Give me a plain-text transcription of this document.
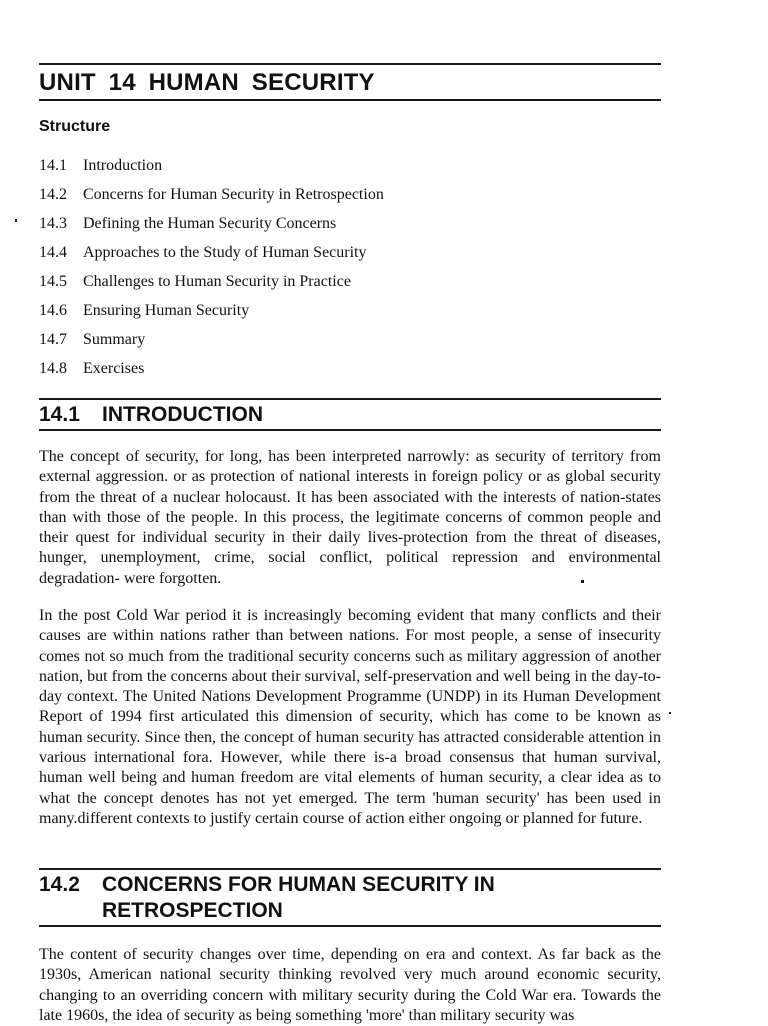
UNIT 14 HUMAN SECURITY
Structure
14.1 Introduction
14.2 Concerns for Human Security in Retrospection
14.3 Defining the Human Security Concerns
14.4 Approaches to the Study of Human Security
14.5 Challenges to Human Security in Practice
14.6 Ensuring Human Security
14.7 Summary
14.8 Exercises
14.1 INTRODUCTION
The concept of security, for long, has been interpreted narrowly: as security of territory from external aggression. or as protection of national interests in foreign policy or as global security from the threat of a nuclear holocaust. It has been associated with the interests of nation-states than with those of the people. In this process, the legitimate concerns of common people and their quest for individual security in their daily lives-protection from the threat of diseases, hunger, unemployment, crime, social conflict, political repression and environmental degradation- were forgotten.
In the post Cold War period it is increasingly becoming evident that many conflicts and their causes are within nations rather than between nations. For most people, a sense of insecurity comes not so much from the traditional security concerns such as military aggression of another nation, but from the concerns about their survival, self-preservation and well being in the day-to-day context. The United Nations Development Programme (UNDP) in its Human Development Report of 1994 first articulated this dimension of security, which has come to be known as human security. Since then, the concept of human security has attracted considerable attention in various international fora. However, while there is-a broad consensus that human survival, human well being and human freedom are vital elements of human security, a clear idea as to what the concept denotes has not yet emerged. The term 'human security' has been used in many.different contexts to justify certain course of action either ongoing or planned for future.
14.2 CONCERNS FOR HUMAN SECURITY IN
RETROSPECTION
The content of security changes over time, depending on era and context. As far back as the 1930s, American national security thinking revolved very much around economic security, changing to an overriding concern with military security during the Cold War era. Towards the late 1960s, the idea of security as being something 'more' than military security was
